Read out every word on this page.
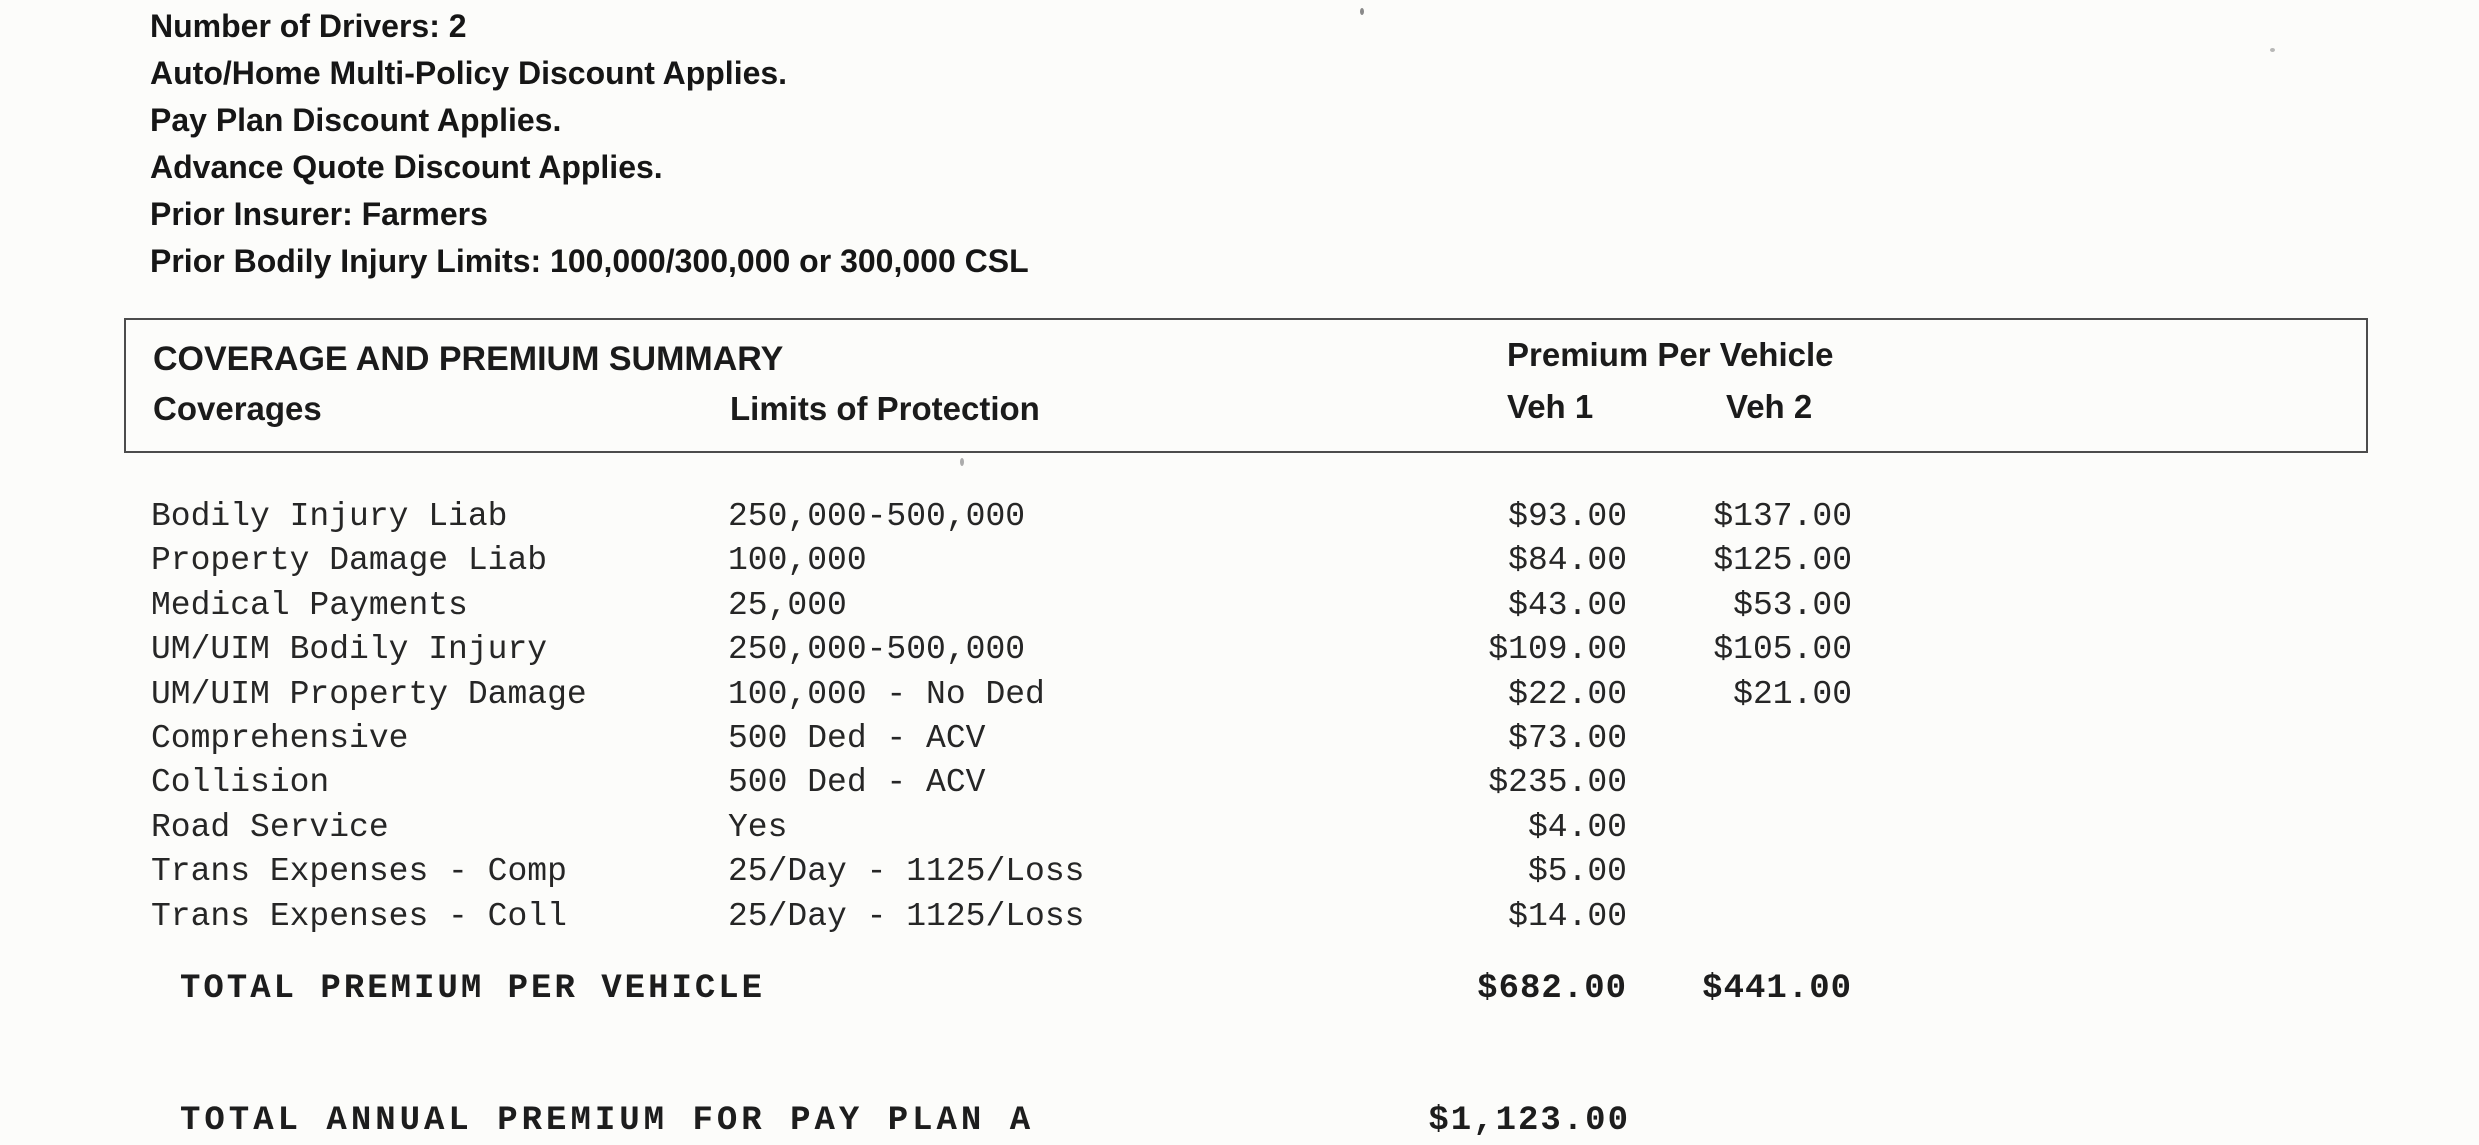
Number of Drivers: 2
Auto/Home Multi-Policy Discount Applies.
Pay Plan Discount Applies.
Advance Quote Discount Applies.
Prior Insurer: Farmers
Prior Bodily Injury Limits: 100,000/300,000 or 300,000 CSL
COVERAGE AND PREMIUM SUMMARY	Premium Per Vehicle
Coverages	Limits of Protection	Veh 1	Veh 2
Bodily Injury Liab	250,000-500,000	$93.00	$137.00
Property Damage Liab	100,000	$84.00	$125.00
Medical Payments	25,000	$43.00	$53.00
UM/UIM Bodily Injury	250,000-500,000	$109.00	$105.00
UM/UIM Property Damage	100,000 - No Ded	$22.00	$21.00
Comprehensive	500 Ded - ACV	$73.00
Collision	500 Ded - ACV	$235.00
Road Service	Yes	$4.00
Trans Expenses - Comp	25/Day - 1125/Loss	$5.00
Trans Expenses - Coll	25/Day - 1125/Loss	$14.00
TOTAL PREMIUM PER VEHICLE	$682.00	$441.00
TOTAL ANNUAL PREMIUM FOR PAY PLAN A	$1,123.00
